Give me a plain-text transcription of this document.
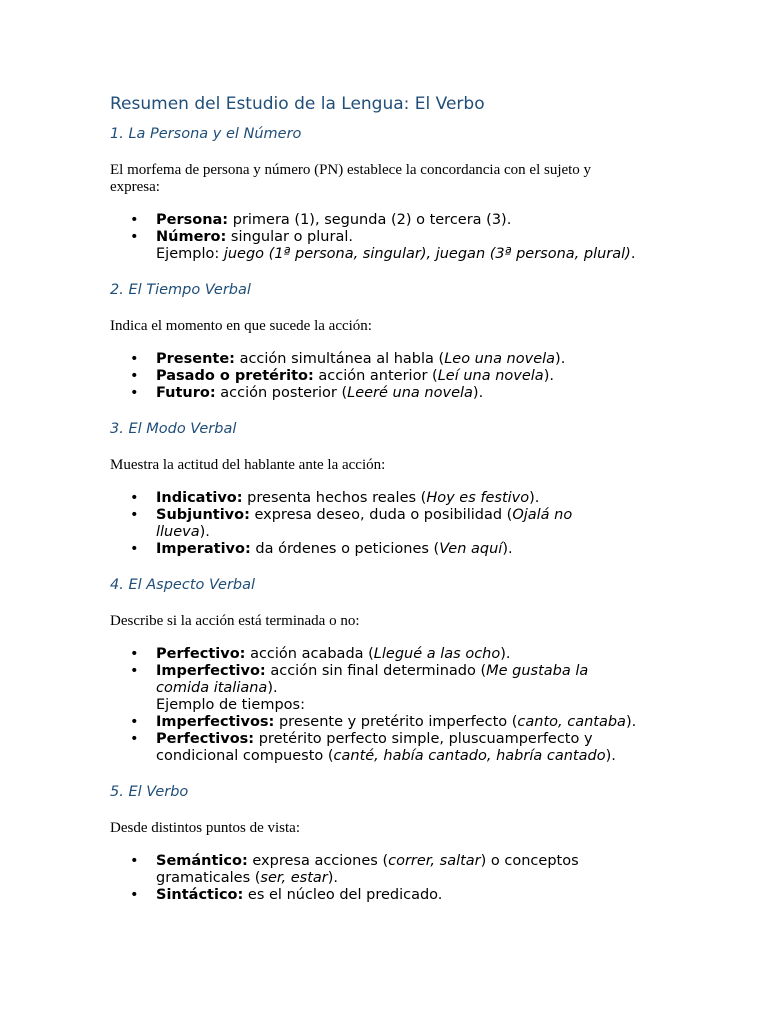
Resumen del Estudio de la Lengua: El Verbo
1. La Persona y el Número

El morfema de persona y número (PN) establece la concordancia con el sujeto y expresa:

• Persona: primera (1), segunda (2) o tercera (3).
• Número: singular o plural.
Ejemplo: juego (1ª persona, singular), juegan (3ª persona, plural).
2. El Tiempo Verbal

Indica el momento en que sucede la acción:

• Presente: acción simultánea al habla (Leo una novela).
• Pasado o pretérito: acción anterior (Leí una novela).
• Futuro: acción posterior (Leeré una novela).
3. El Modo Verbal

Muestra la actitud del hablante ante la acción:

• Indicativo: presenta hechos reales (Hoy es festivo).
• Subjuntivo: expresa deseo, duda o posibilidad (Ojalá no llueva).
• Imperativo: da órdenes o peticiones (Ven aquí).
4. El Aspecto Verbal

Describe si la acción está terminada o no:

• Perfectivo: acción acabada (Llegué a las ocho).
• Imperfectivo: acción sin final determinado (Me gustaba la comida italiana).
Ejemplo de tiempos:
• Imperfectivos: presente y pretérito imperfecto (canto, cantaba).
• Perfectivos: pretérito perfecto simple, pluscuamperfecto y condicional compuesto (canté, había cantado, habría cantado).
5. El Verbo

Desde distintos puntos de vista:

• Semántico: expresa acciones (correr, saltar) o conceptos gramaticales (ser, estar).
• Sintáctico: es el núcleo del predicado.
